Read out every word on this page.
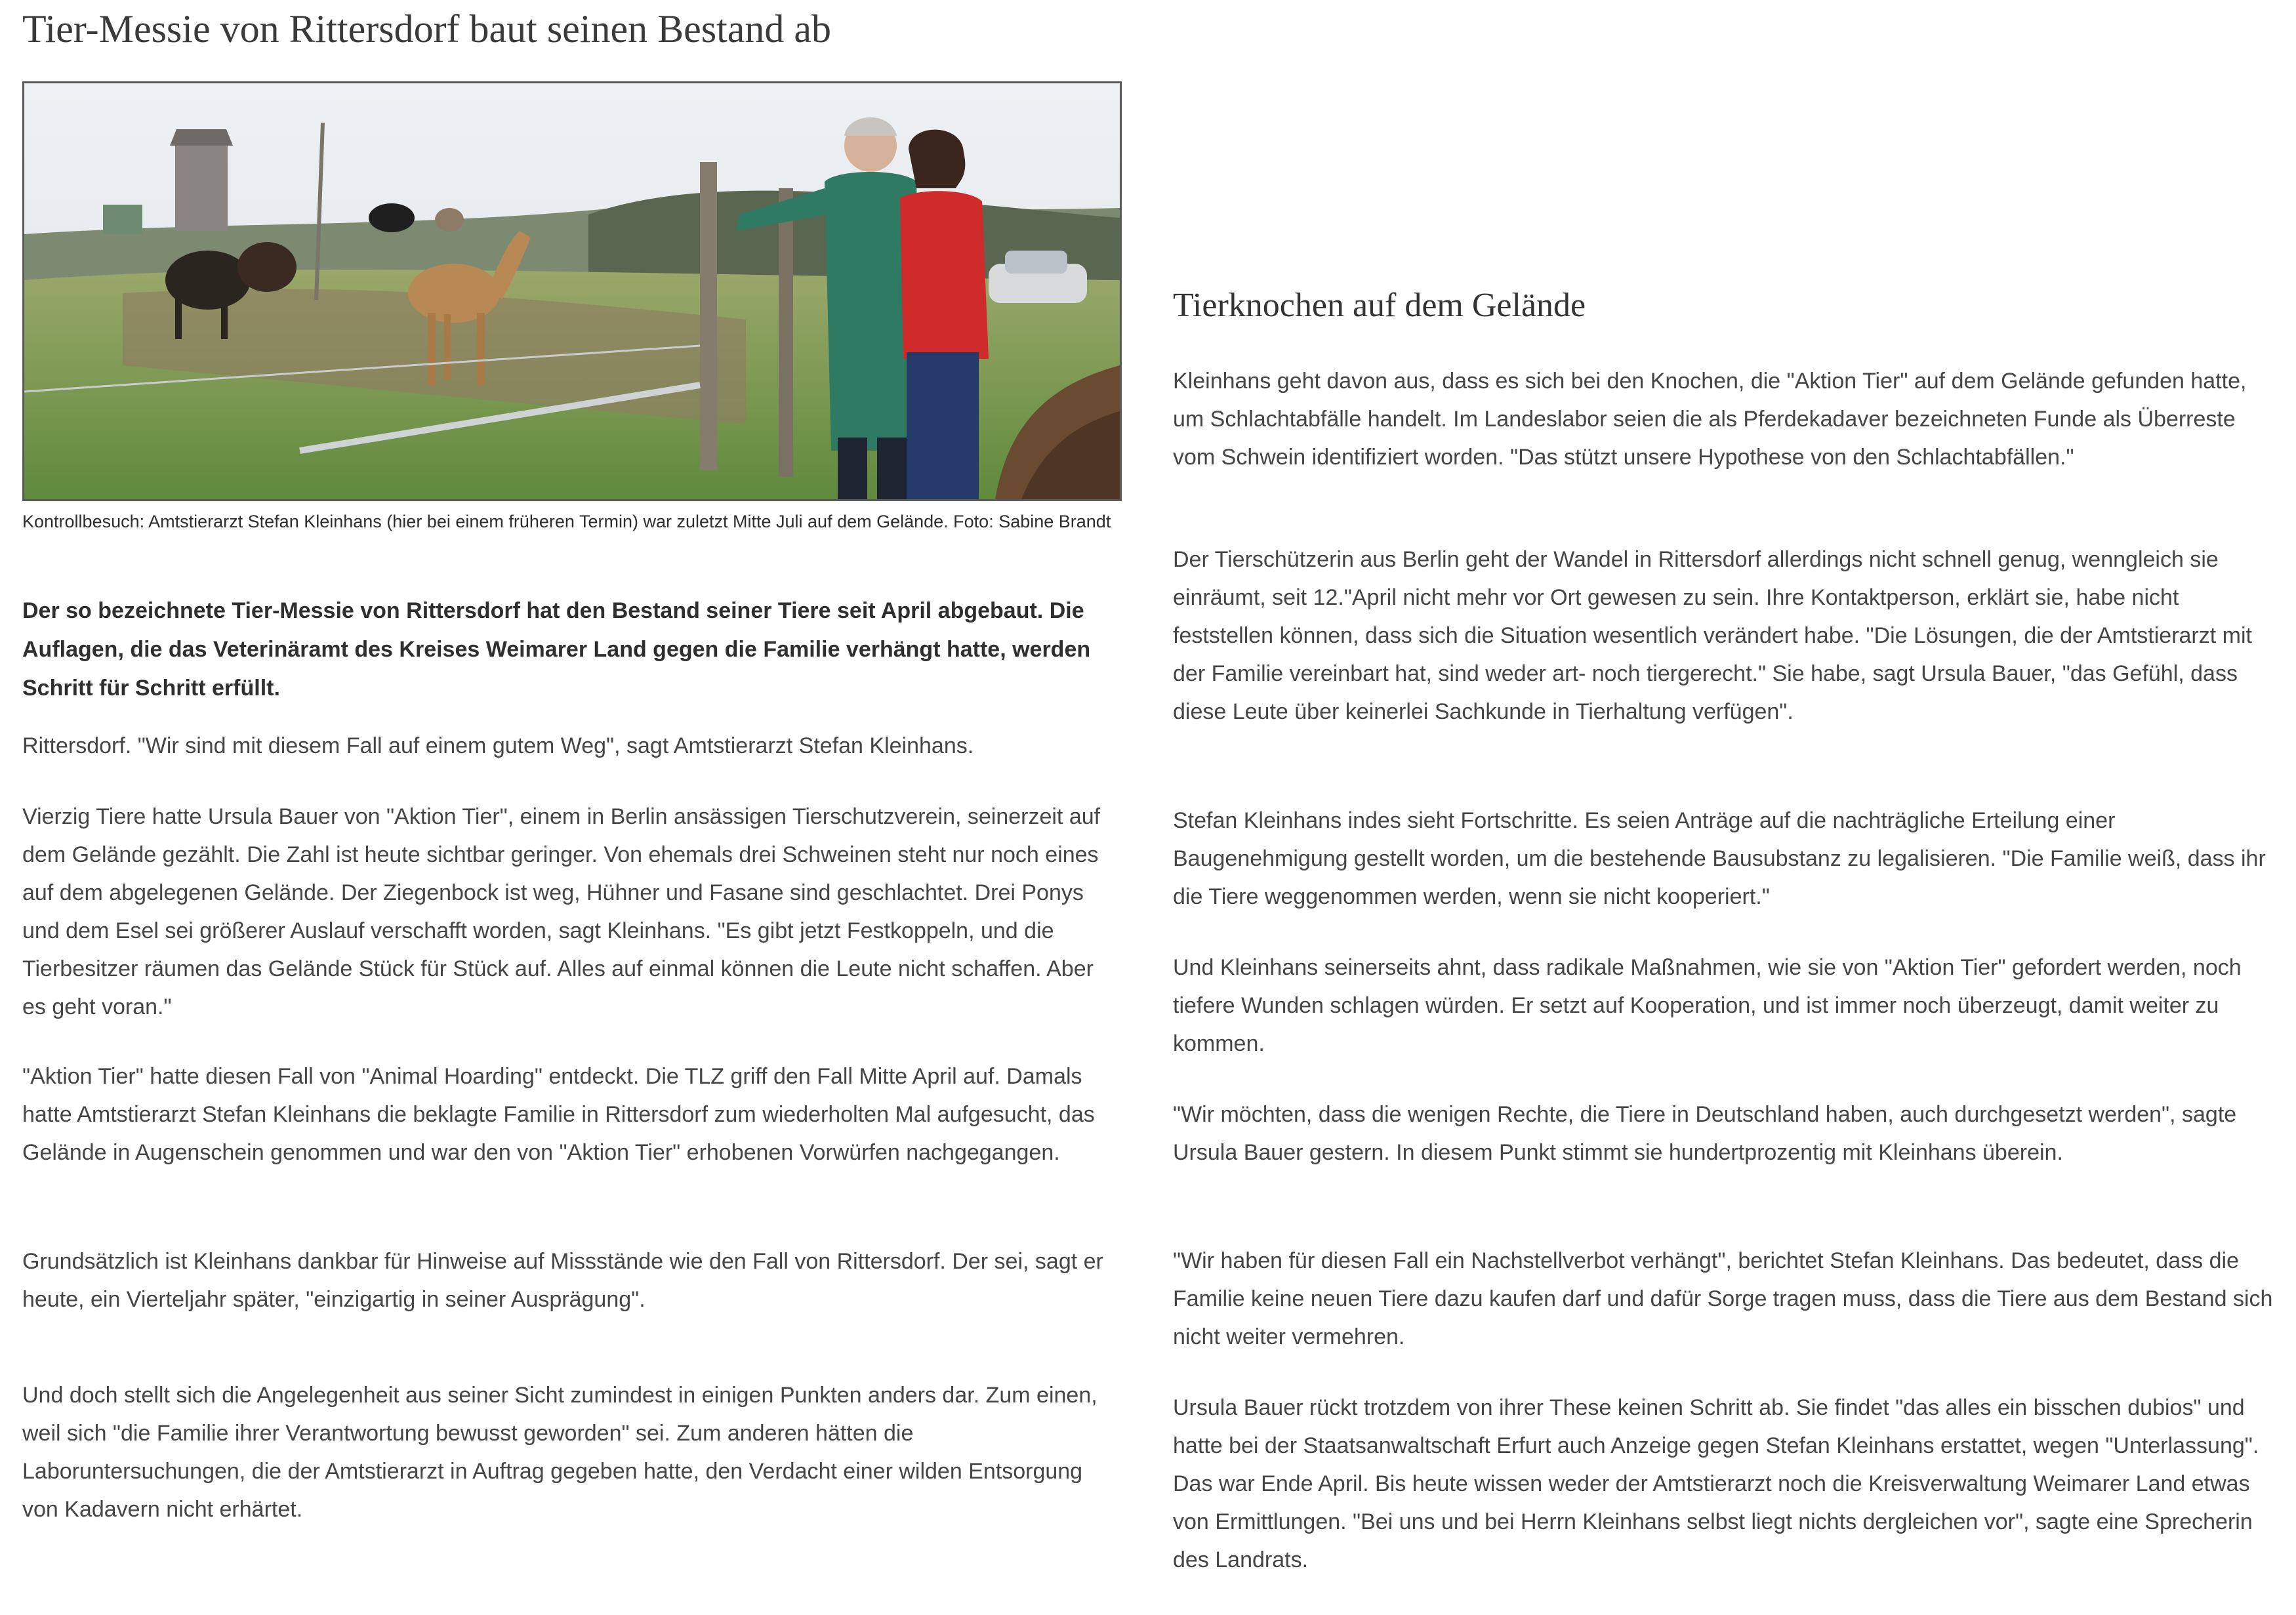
Tier-Messie von Rittersdorf baut seinen Bestand ab

Kontrollbesuch: Amtstierarzt Stefan Kleinhans (hier bei einem früheren Termin) war zuletzt Mitte Juli auf dem Gelände. Foto: Sabine Brandt

Der so bezeichnete Tier-Messie von Rittersdorf hat den Bestand seiner Tiere seit April abgebaut. Die Auflagen, die das Veterinäramt des Kreises Weimarer Land gegen die Familie verhängt hatte, werden Schritt für Schritt erfüllt.

Rittersdorf. "Wir sind mit diesem Fall auf einem gutem Weg", sagt Amtstierarzt Stefan Kleinhans.

Vierzig Tiere hatte Ursula Bauer von "Aktion Tier", einem in Berlin ansässigen Tierschutzverein, seinerzeit auf dem Gelände gezählt. Die Zahl ist heute sichtbar geringer. Von ehemals drei Schweinen steht nur noch eines auf dem abgelegenen Gelände. Der Ziegenbock ist weg, Hühner und Fasane sind geschlachtet. Drei Ponys und dem Esel sei größerer Auslauf verschafft worden, sagt Kleinhans. "Es gibt jetzt Festkoppeln, und die Tierbesitzer räumen das Gelände Stück für Stück auf. Alles auf einmal können die Leute nicht schaffen. Aber es geht voran."

"Aktion Tier" hatte diesen Fall von "Animal Hoarding" entdeckt. Die TLZ griff den Fall Mitte April auf. Damals hatte Amtstierarzt Stefan Kleinhans die beklagte Familie in Rittersdorf zum wiederholten Mal aufgesucht, das Gelände in Augenschein genommen und war den von "Aktion Tier" erhobenen Vorwürfen nachgegangen.

Grundsätzlich ist Kleinhans dankbar für Hinweise auf Missstände wie den Fall von Rittersdorf. Der sei, sagt er heute, ein Vierteljahr später, "einzigartig in seiner Ausprägung".

Und doch stellt sich die Angelegenheit aus seiner Sicht zumindest in einigen Punkten anders dar. Zum einen, weil sich "die Familie ihrer Verantwortung bewusst geworden" sei. Zum anderen hätten die Laboruntersuchungen, die der Amtstierarzt in Auftrag gegeben hatte, den Verdacht einer wilden Entsorgung von Kadavern nicht erhärtet.

Tierknochen auf dem Gelände

Kleinhans geht davon aus, dass es sich bei den Knochen, die "Aktion Tier" auf dem Gelände gefunden hatte, um Schlachtabfälle handelt. Im Landeslabor seien die als Pferdekadaver bezeichneten Funde als Überreste vom Schwein identifiziert worden. "Das stützt unsere Hypothese von den Schlachtabfällen."

Der Tierschützerin aus Berlin geht der Wandel in Rittersdorf allerdings nicht schnell genug, wenngleich sie einräumt, seit 12."April nicht mehr vor Ort gewesen zu sein. Ihre Kontaktperson, erklärt sie, habe nicht feststellen können, dass sich die Situation wesentlich verändert habe. "Die Lösungen, die der Amtstierarzt mit der Familie vereinbart hat, sind weder art- noch tiergerecht." Sie habe, sagt Ursula Bauer, "das Gefühl, dass diese Leute über keinerlei Sachkunde in Tierhaltung verfügen".

Stefan Kleinhans indes sieht Fortschritte. Es seien Anträge auf die nachträgliche Erteilung einer Baugenehmigung gestellt worden, um die bestehende Bausubstanz zu legalisieren. "Die Familie weiß, dass ihr die Tiere weggenommen werden, wenn sie nicht kooperiert."

Und Kleinhans seinerseits ahnt, dass radikale Maßnahmen, wie sie von "Aktion Tier" gefordert werden, noch tiefere Wunden schlagen würden. Er setzt auf Kooperation, und ist immer noch überzeugt, damit weiter zu kommen.

"Wir möchten, dass die wenigen Rechte, die Tiere in Deutschland haben, auch durchgesetzt werden", sagte Ursula Bauer gestern. In diesem Punkt stimmt sie hundertprozentig mit Kleinhans überein.

"Wir haben für diesen Fall ein Nachstellverbot verhängt", berichtet Stefan Kleinhans. Das bedeutet, dass die Familie keine neuen Tiere dazu kaufen darf und dafür Sorge tragen muss, dass die Tiere aus dem Bestand sich nicht weiter vermehren.

Ursula Bauer rückt trotzdem von ihrer These keinen Schritt ab. Sie findet "das alles ein bisschen dubios" und hatte bei der Staatsanwaltschaft Erfurt auch Anzeige gegen Stefan Kleinhans erstattet, wegen "Unterlassung". Das war Ende April. Bis heute wissen weder der Amtstierarzt noch die Kreisverwaltung Weimarer Land etwas von Ermittlungen. "Bei uns und bei Herrn Kleinhans selbst liegt nichts dergleichen vor", sagte eine Sprecherin des Landrats.
